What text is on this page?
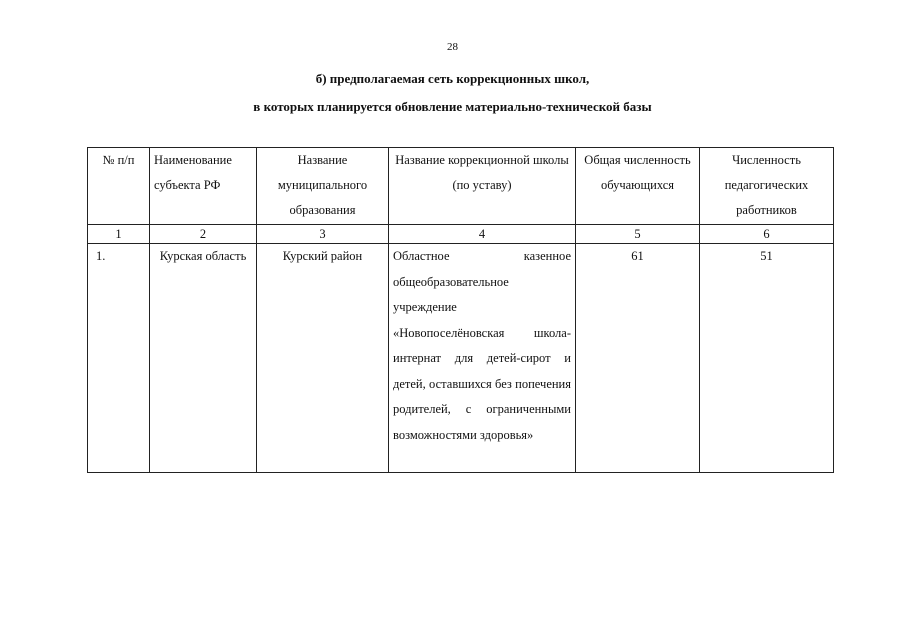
28
б) предполагаемая сеть коррекционных школ,
в которых планируется обновление материально-технической базы
№ п/п	Наименование субъекта РФ	Название муниципального образования	Название коррекционной школы (по уставу)	Общая численность обучающихся	Численность педагогических работников
1	2	3	4	5	6
1.	Курская область	Курский район	Областное казенное общеобразовательное учреждение «Новопоселёновская школа-интернат для детей-сирот и детей, оставшихся без попечения родителей, с ограниченными возможностями здоровья»	61	51
